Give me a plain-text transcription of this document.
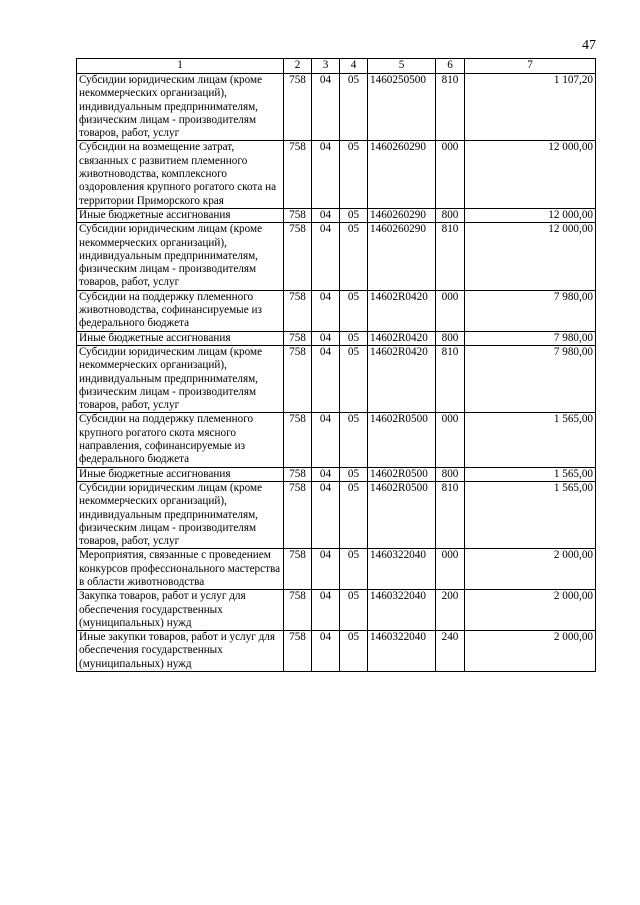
47
1	2	3	4	5	6	7
Субсидии юридическим лицам (кроме некоммерческих организаций), индивидуальным предпринимателям, физическим лицам - производителям товаров, работ, услуг	758	04	05	1460250500	810	1 107,20
Субсидии на возмещение затрат, связанных с развитием племенного животноводства, комплексного оздоровления крупного рогатого скота на территории Приморского края	758	04	05	1460260290	000	12 000,00
Иные бюджетные ассигнования	758	04	05	1460260290	800	12 000,00
Субсидии юридическим лицам (кроме некоммерческих организаций), индивидуальным предпринимателям, физическим лицам - производителям товаров, работ, услуг	758	04	05	1460260290	810	12 000,00
Субсидии на поддержку племенного животноводства, софинансируемые из федерального бюджета	758	04	05	14602R0420	000	7 980,00
Иные бюджетные ассигнования	758	04	05	14602R0420	800	7 980,00
Субсидии юридическим лицам (кроме некоммерческих организаций), индивидуальным предпринимателям, физическим лицам - производителям товаров, работ, услуг	758	04	05	14602R0420	810	7 980,00
Субсидии на поддержку племенного крупного рогатого скота мясного направления, софинансируемые из федерального бюджета	758	04	05	14602R0500	000	1 565,00
Иные бюджетные ассигнования	758	04	05	14602R0500	800	1 565,00
Субсидии юридическим лицам (кроме некоммерческих организаций), индивидуальным предпринимателям, физическим лицам - производителям товаров, работ, услуг	758	04	05	14602R0500	810	1 565,00
Мероприятия, связанные с проведением конкурсов профессионального мастерства в области животноводства	758	04	05	1460322040	000	2 000,00
Закупка товаров, работ и услуг для обеспечения государственных (муниципальных) нужд	758	04	05	1460322040	200	2 000,00
Иные закупки товаров, работ и услуг для обеспечения государственных (муниципальных) нужд	758	04	05	1460322040	240	2 000,00
